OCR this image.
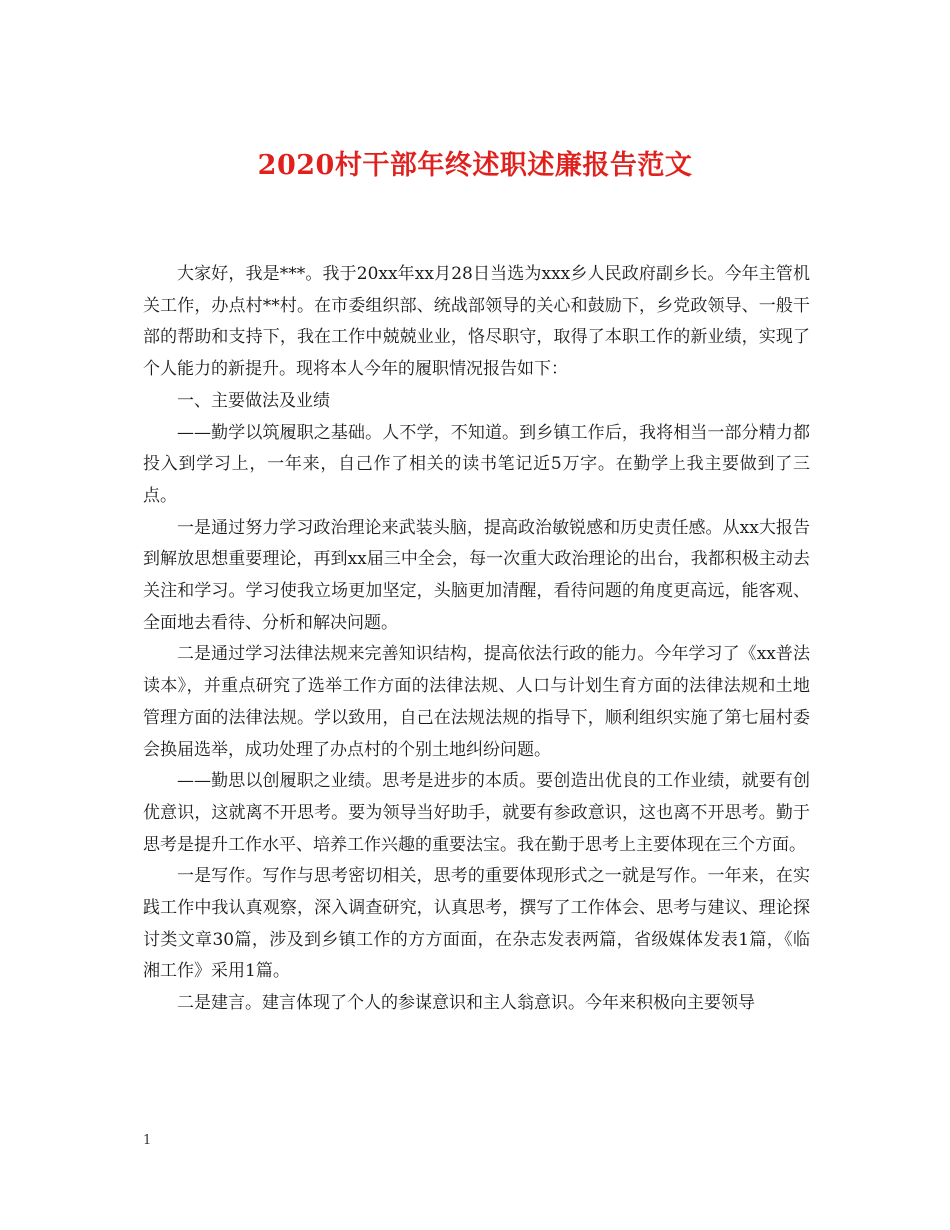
2020村干部年终述职述廉报告范文

大家好，我是***。我于20xx年xx月28日当选为xxx乡人民政府副乡长。今年主管机关工作，办点村**村。在市委组织部、统战部领导的关心和鼓励下，乡党政领导、一般干部的帮助和支持下，我在工作中兢兢业业，恪尽职守，取得了本职工作的新业绩，实现了个人能力的新提升。现将本人今年的履职情况报告如下：

一、主要做法及业绩

——勤学以筑履职之基础。人不学，不知道。到乡镇工作后，我将相当一部分精力都投入到学习上，一年来，自己作了相关的读书笔记近5万字。在勤学上我主要做到了三点。

一是通过努力学习政治理论来武装头脑，提高政治敏锐感和历史责任感。从xx大报告到解放思想重要理论，再到xx届三中全会，每一次重大政治理论的出台，我都积极主动去关注和学习。学习使我立场更加坚定，头脑更加清醒，看待问题的角度更高远，能客观、全面地去看待、分析和解决问题。

二是通过学习法律法规来完善知识结构，提高依法行政的能力。今年学习了《xx普法读本》，并重点研究了选举工作方面的法律法规、人口与计划生育方面的法律法规和土地管理方面的法律法规。学以致用，自己在法规法规的指导下，顺利组织实施了第七届村委会换届选举，成功处理了办点村的个别土地纠纷问题。

——勤思以创履职之业绩。思考是进步的本质。要创造出优良的工作业绩，就要有创优意识，这就离不开思考。要为领导当好助手，就要有参政意识，这也离不开思考。勤于思考是提升工作水平、培养工作兴趣的重要法宝。我在勤于思考上主要体现在三个方面。

一是写作。写作与思考密切相关，思考的重要体现形式之一就是写作。一年来，在实践工作中我认真观察，深入调查研究，认真思考，撰写了工作体会、思考与建议、理论探讨类文章30篇，涉及到乡镇工作的方方面面，在杂志发表两篇，省级媒体发表1篇，《临湘工作》采用1篇。

二是建言。建言体现了个人的参谋意识和主人翁意识。今年来积极向主要领导

1
